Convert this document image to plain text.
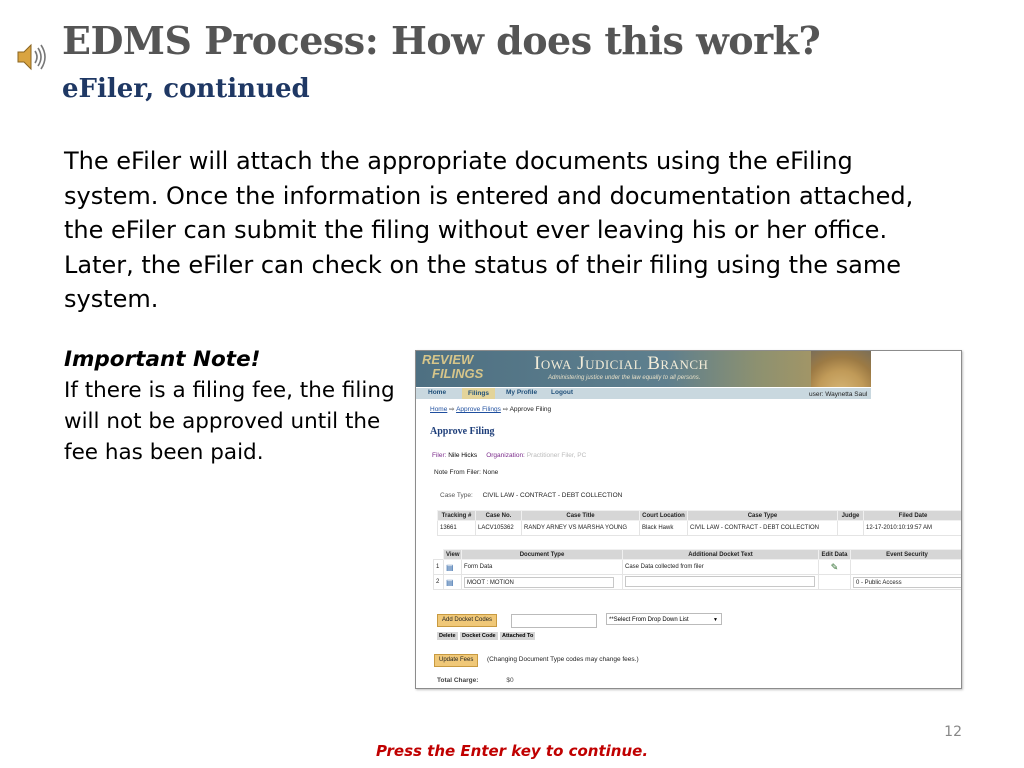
EDMS Process: How does this work?
eFiler, continued

The eFiler will attach the appropriate documents using the eFiling system. Once the information is entered and documentation attached, the eFiler can submit the filing without ever leaving his or her office. Later, the eFiler can check on the status of their filing using the same system.

Important Note!
If there is a filing fee, the filing will not be approved until the fee has been paid.
REVIEW
FILINGS	Iowa Judicial Branch
Administering justice under the law equally to all persons.
Home	Filings	My Profile Logout	user: Waynetta Saul
Home ⇨ Approve Filings ⇨ Approve Filing
Approve Filing
Filer: Nile Hicks Organization: Practitioner Filer, PC
Note From Filer: None
Case Type: CIVIL LAW - CONTRACT - DEBT COLLECTION
Tracking #	Case No.	Case Title	Court Location	Case Type	Judge	Filed Date
13661	LACV105362	RANDY ARNEY VS MARSHA YOUNG	Black Hawk	CIVIL LAW - CONTRACT - DEBT COLLECTION		12-17-2010:10:19:57 AM
	View	Document Type	Additional Docket Text	Edit Data	Event Security
1	▤	Form Data	Case Data collected from filer	✎	
2	▤	MOOT : MOTION			0 - Public Access
Add Docket Codes	**Select From Drop Down List	▼
Delete	Docket Code	Attached To
Update Fees	(Changing Document Type codes may change fees.)
Total Charge:	$0
12
Press the Enter key to continue.
